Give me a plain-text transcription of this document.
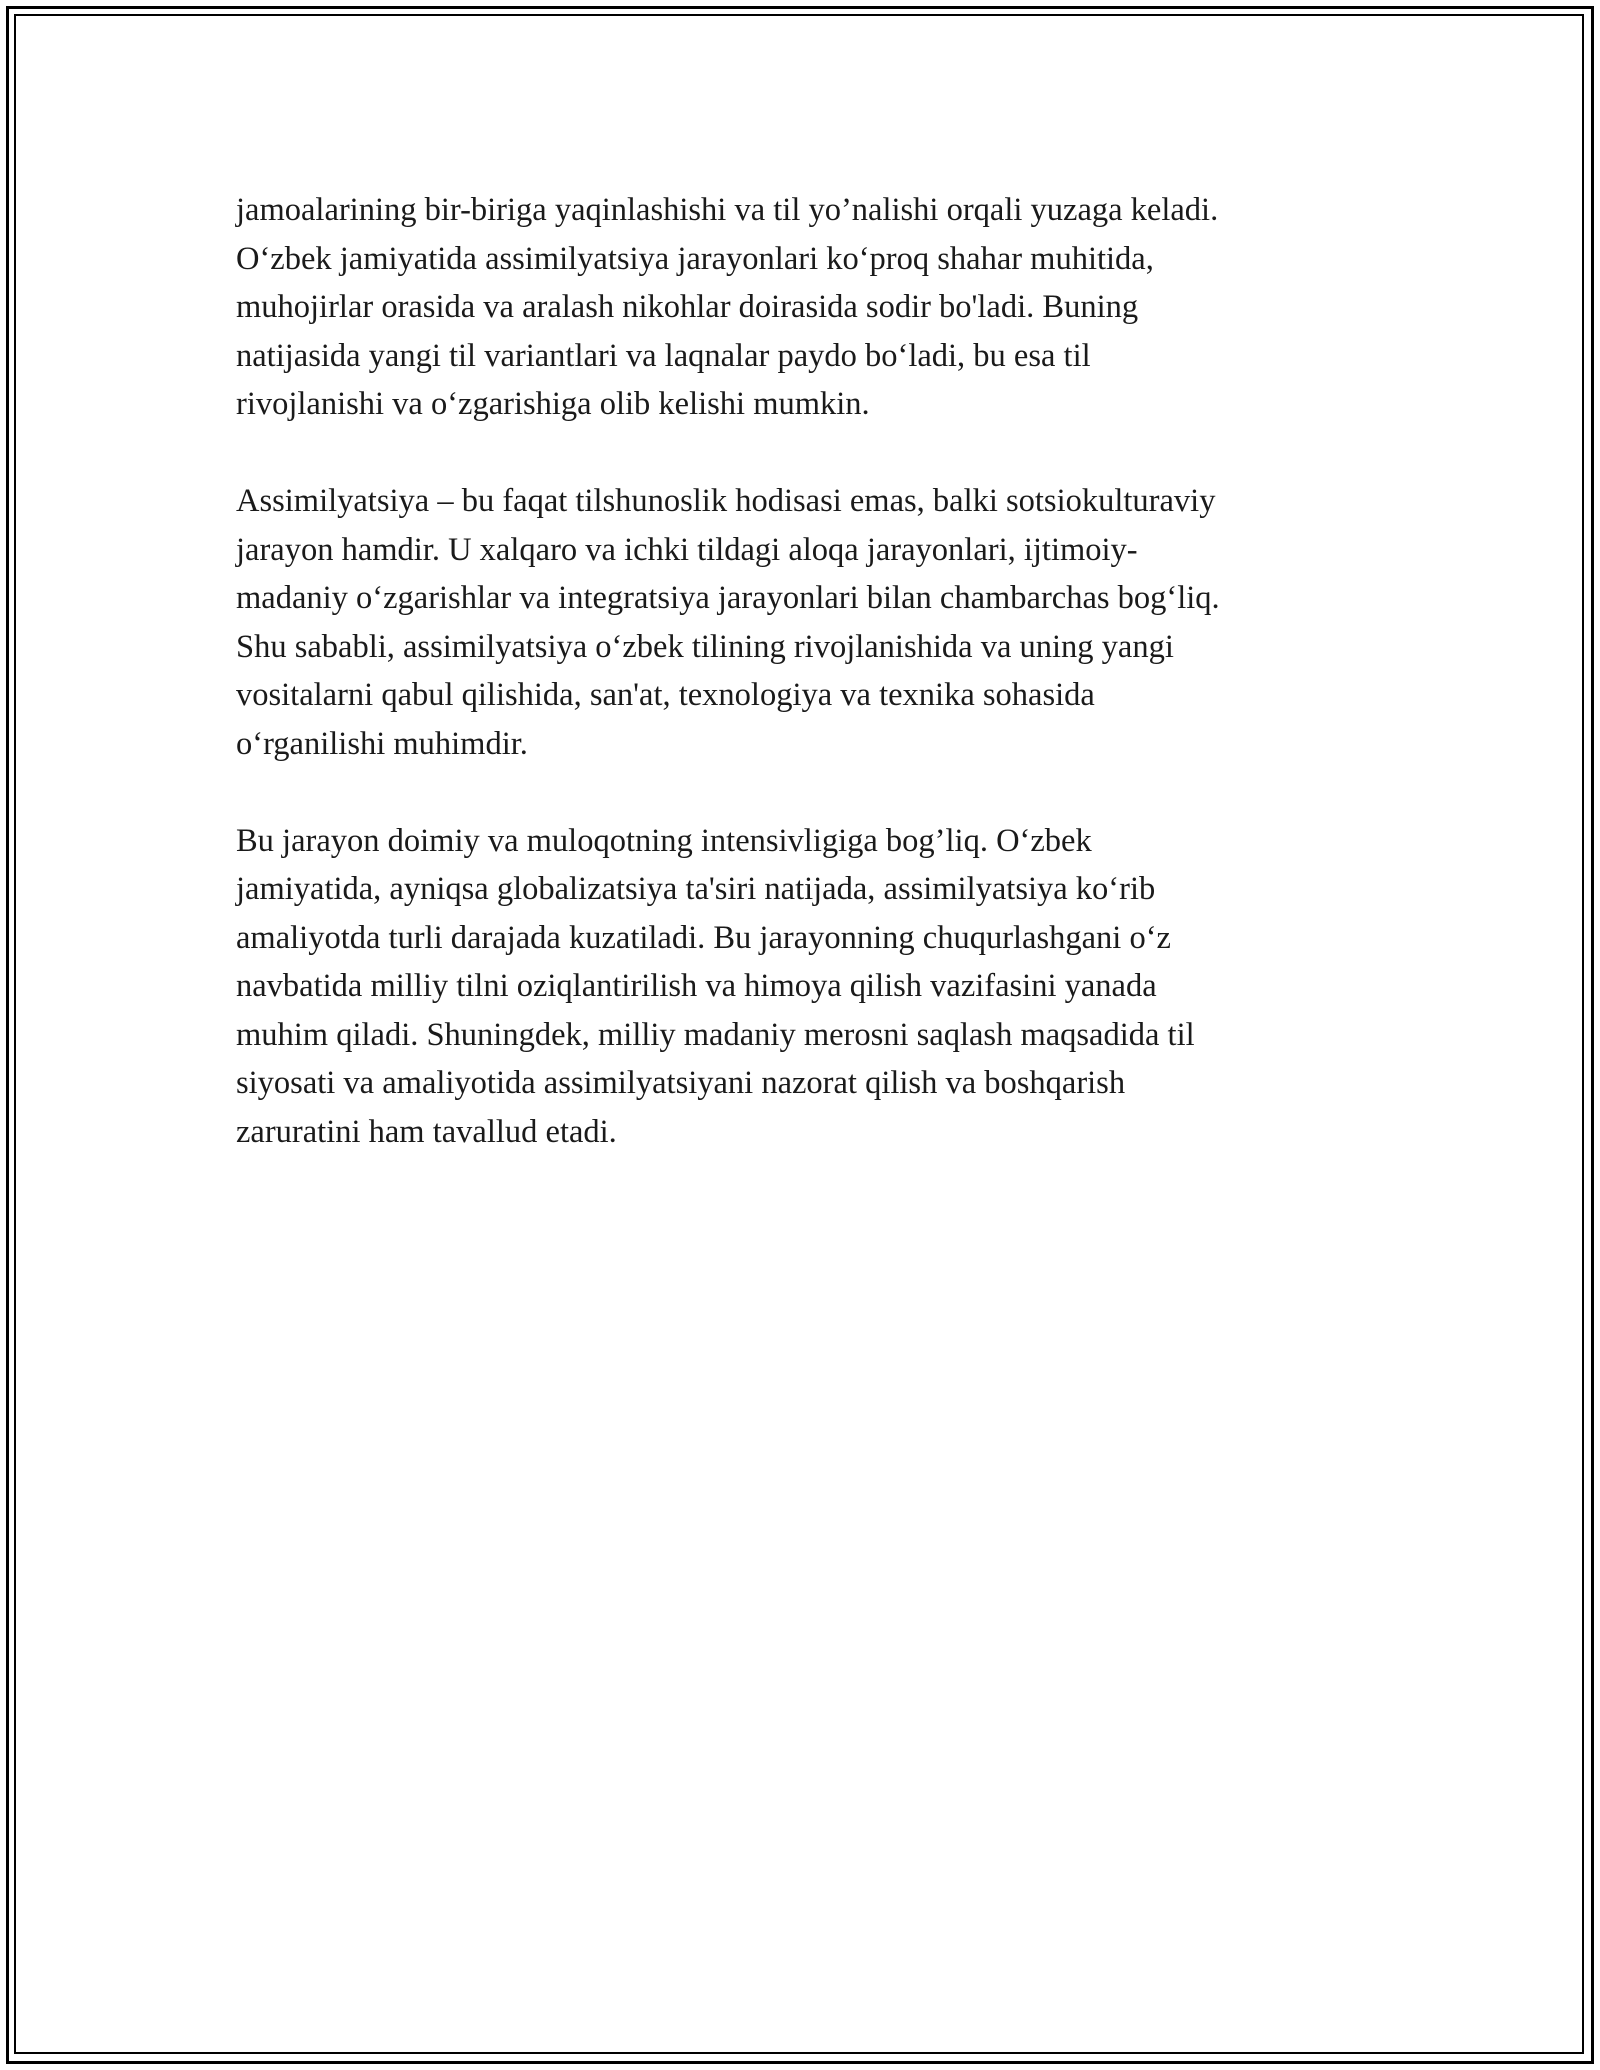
jamoalarining bir-biriga yaqinlashishi va til yo’nalishi orqali yuzaga keladi.
O‘zbek jamiyatida assimilyatsiya jarayonlari ko‘proq shahar muhitida,
muhojirlar orasida va aralash nikohlar doirasida sodir bo'ladi. Buning
natijasida yangi til variantlari va laqnalar paydo bo‘ladi, bu esa til
rivojlanishi va o‘zgarishiga olib kelishi mumkin.

Assimilyatsiya – bu faqat tilshunoslik hodisasi emas, balki sotsiokulturaviy
jarayon hamdir. U xalqaro va ichki tildagi aloqa jarayonlari, ijtimoiy-
madaniy o‘zgarishlar va integratsiya jarayonlari bilan chambarchas bog‘liq.
Shu sababli, assimilyatsiya o‘zbek tilining rivojlanishida va uning yangi
vositalarni qabul qilishida, san'at, texnologiya va texnika sohasida
o‘rganilishi muhimdir.

Bu jarayon doimiy va muloqotning intensivligiga bog’liq. O‘zbek
jamiyatida, ayniqsa globalizatsiya ta'siri natijada, assimilyatsiya ko‘rib
amaliyotda turli darajada kuzatiladi. Bu jarayonning chuqurlashgani o‘z
navbatida milliy tilni oziqlantirilish va himoya qilish vazifasini yanada
muhim qiladi. Shuningdek, milliy madaniy merosni saqlash maqsadida til
siyosati va amaliyotida assimilyatsiyani nazorat qilish va boshqarish
zaruratini ham tavallud etadi.
